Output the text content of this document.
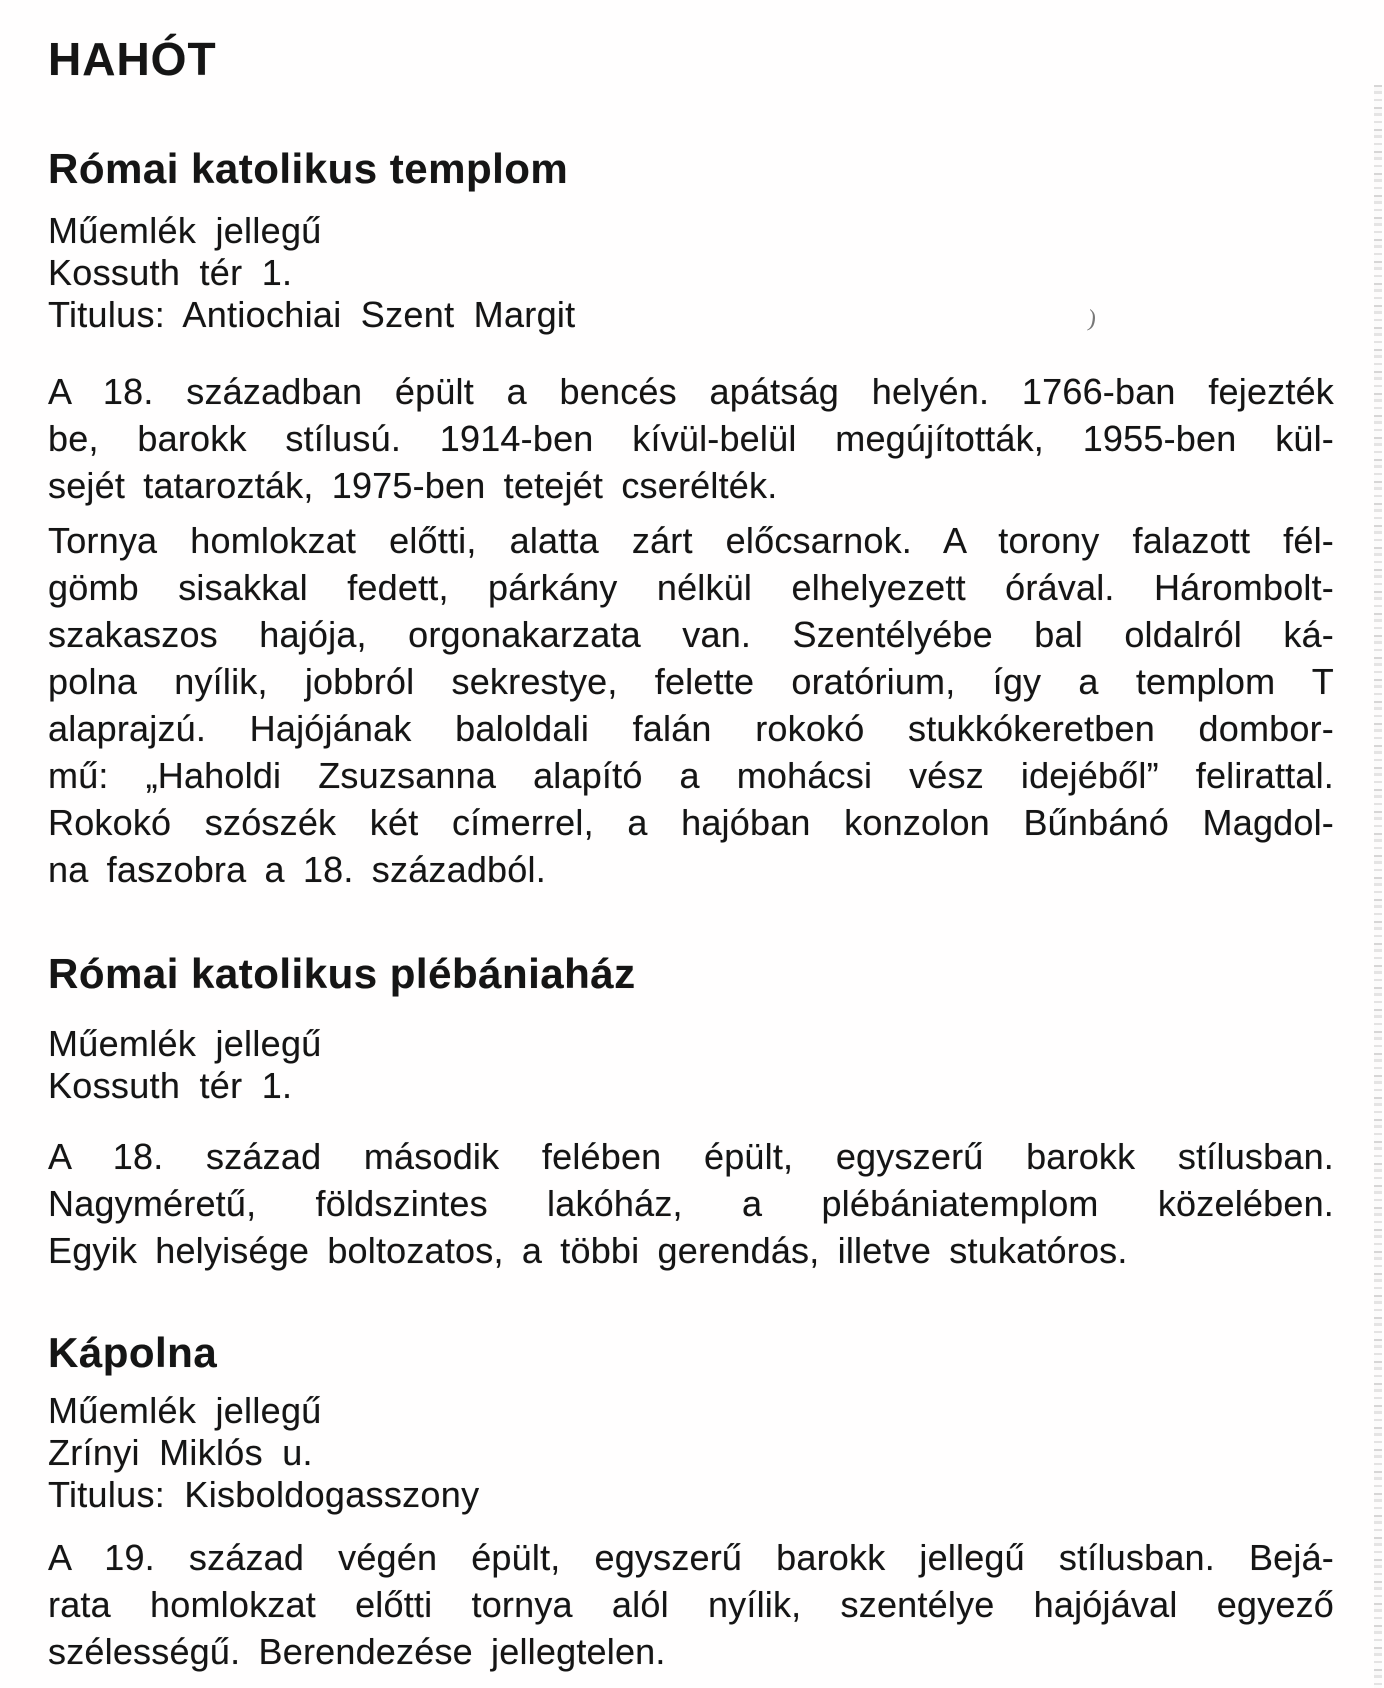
HAHÓT
Római katolikus templom
Műemlék jellegű
Kossuth tér 1.
Titulus: Antiochiai Szent Margit
A 18. században épült a bencés apátság helyén. 1766-ban fejezték
be, barokk stílusú. 1914-ben kívül-belül megújították, 1955-ben kül-
sejét tatarozták, 1975-ben tetejét cserélték.
Tornya homlokzat előtti, alatta zárt előcsarnok. A torony falazott fél-
gömb sisakkal fedett, párkány nélkül elhelyezett órával. Hárombolt-
szakaszos hajója, orgonakarzata van. Szentélyébe bal oldalról ká-
polna nyílik, jobbról sekrestye, felette oratórium, így a templom T
alaprajzú. Hajójának baloldali falán rokokó stukkókeretben dombor-
mű: „Haholdi Zsuzsanna alapító a mohácsi vész idejéből” felirattal.
Rokokó szószék két címerrel, a hajóban konzolon Bűnbánó Magdol-
na faszobra a 18. századból.
Római katolikus plébániaház
Műemlék jellegű
Kossuth tér 1.
A 18. század második felében épült, egyszerű barokk stílusban.
Nagyméretű, földszintes lakóház, a plébániatemplom közelében.
Egyik helyisége boltozatos, a többi gerendás, illetve stukatóros.
Kápolna
Műemlék jellegű
Zrínyi Miklós u.
Titulus: Kisboldogasszony
A 19. század végén épült, egyszerű barokk jellegű stílusban. Bejá-
rata homlokzat előtti tornya alól nyílik, szentélye hajójával egyező
szélességű. Berendezése jellegtelen.
)
